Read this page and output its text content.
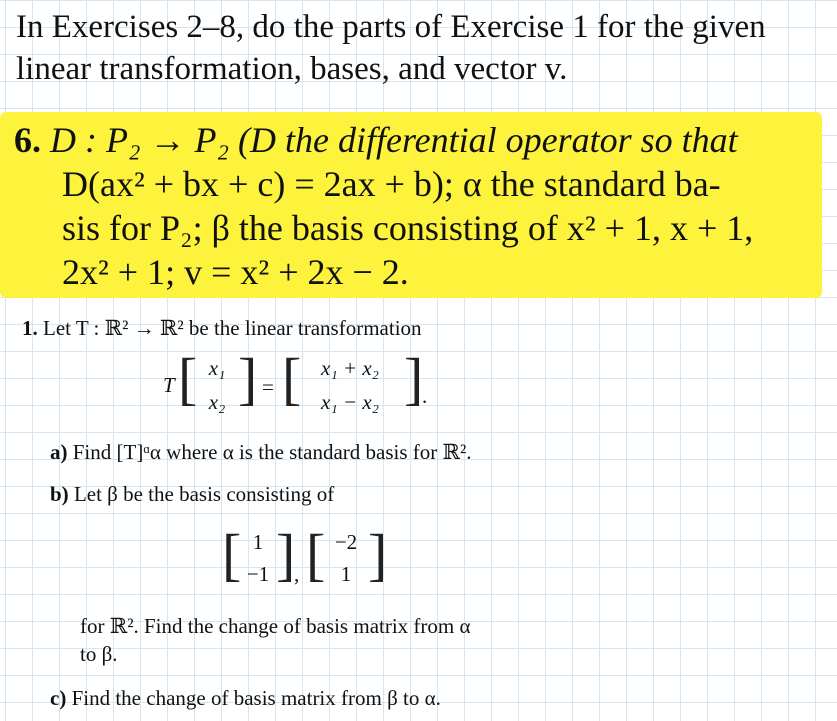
In Exercises 2–8, do the parts of Exercise 1 for the given
linear transformation, bases, and vector v.
6. D : P₂ → P₂ (D the differential operator so that
D(ax² + bx + c) = 2ax + b); α the standard ba-
sis for P₂; β the basis consisting of x² + 1, x + 1,
2x² + 1; v = x² + 2x − 2.
1. Let T : ℝ² → ℝ² be the linear transformation
T [ x₁
x₂ ] = [ x₁ + x₂
x₁ − x₂ ]
.
a) Find [T]ᵅα where α is the standard basis for ℝ².
b) Let β be the basis consisting of
[ 1
−1 ]
, [ −2
1 ]
for ℝ². Find the change of basis matrix from α
to β.
c) Find the change of basis matrix from β to α.
